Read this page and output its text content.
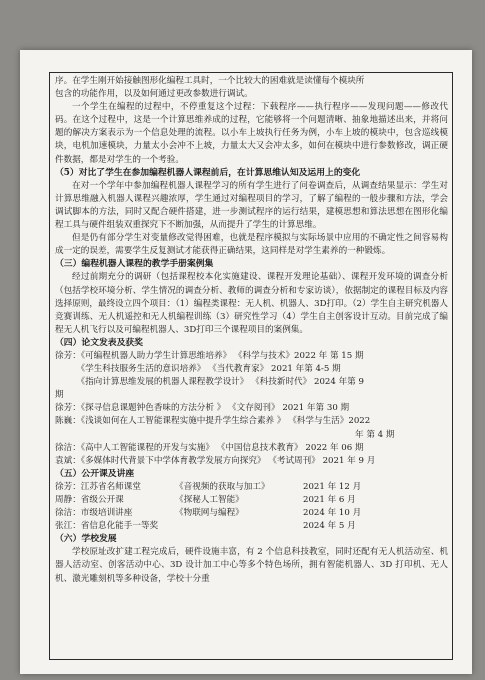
序。在学生刚开始接触图形化编程工具时，一个比较大的困难就是读懂每个模块所

包含的功能作用，以及如何通过更改参数进行调试。

一个学生在编程的过程中，不停重复这个过程：下载程序——执行程序——发现问题——修改代码。在这个过程中，这是一个计算思维养成的过程，它能够将一个问题清晰、抽象地描述出来，并将问题的解决方案表示为一个信息处理的流程。以小车上坡执行任务为例，小车上坡的模块中，包含巡线模块，电机加速模块，力量太小会冲不上坡，力量太大又会冲太多，如何在模块中进行参数修改，调正硬件数据，都是对学生的一个考验。

（5）对比了学生在参加编程机器人课程前后，在计算思维认知及运用上的变化

在对一个学年中参加编程机器人课程学习的所有学生进行了问卷调查后，从调查结果显示：学生对计算思维融入机器人课程兴趣浓厚，学生通过对编程项目的学习，了解了编程的一般步骤和方法，学会调试脚本的方法，同时又配合硬件搭建，进一步测试程序的运行结果，建模思想和算法思想在图形化编程工具与硬件组装双重探究下不断加强，从而提升了学生的计算思维。

但是仍有部分学生对变量修改觉得困难，也就是程序模拟与实际场景中应用的不确定性之间容易构成一定的误差，需要学生反复测试才能获得正确结果，这同样是对学生素养的一种锻炼。

（三）编程机器人课程的教学手册案例集

经过前期充分的调研（包括课程校本化实施建设、课程开发理论基础）、课程开发环境的调查分析（包括学校环境分析、学生情况的调查分析、教师的调查分析和专家访谈），依据制定的课程目标及内容选择原则，最终设立四个项目：（1）编程类课程：无人机、机器人、3D打印。（2）学生自主研究机器人竞赛训练、无人机遥控和无人机编程训练（3）研究性学习（4）学生自主创客设计互动。目前完成了编程无人机飞行以及可编程机器人、3D打印三个课程项目的案例集。

（四）论文发表及获奖
徐芳：《可编程机器人助力学生计算思维培养》 《科学与技术》2022 年 第 15 期
　　　《学生科技服务生活的意识培养》 《当代教育家》 2021 年第 4-5 期
　　　《指向计算思维发展的机器人课程教学设计》 《科技新时代》 2024 年第 9
期
徐芳：《探寻信息课题钟色香味的方法分析 》 《文存阅刊》 2021 年第 30 期
陈巍：《浅谈如何在人工智能课程实施中提升学生综合素养 》 《科学与生活》2022
年 第 4 期
徐洁：《高中人工智能课程的开发与实施》 《中国信息技术教育》 2022 年 06 期
袁斌：《多媒体时代背景下中学体育教学发展方向探究》 《考试周刊》 2021 年 9 月
（五）公开课及讲座
徐芳：江苏省名师课堂	《音视频的获取与加工》	2021 年 12 月
周静：省级公开课	《探秘人工智能》	2021 年 6 月
徐洁：市级培训讲座	《物联网与编程》	2024 年 10 月
张江：省信息化能手一等奖	2024 年 5 月
（六）学校发展

学校原址改扩建工程完成后，硬件设施丰富，有 2 个信息科技教室，同时还配有无人机活动室、机器人活动室、创客活动中心、3D 设计加工中心等多个特色场所，拥有智能机器人、3D 打印机、无人机、激光雕刻机等多种设备，学校十分重
